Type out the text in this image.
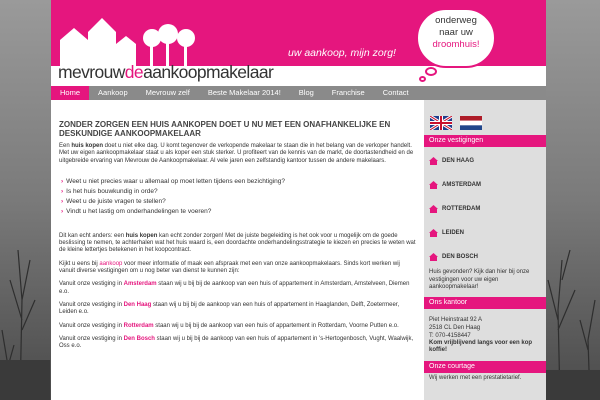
uw aankoop, mijn zorg!
mevrouwdeaankoopmakelaar
onderweg
naar uw
droomhuis!
Home	Aankoop	Mevrouw zelf	Beste Makelaar 2014!	Blog	Franchise	Contact
ZONDER ZORGEN EEN HUIS AANKOPEN DOET U NU MET EEN ONAFHANKELIJKE EN DESKUNDIGE AANKOOPMAKELAAR

Een huis kopen doet u niet elke dag. U komt tegenover de verkopende makelaar te staan die in het belang van de verkoper handelt. Met uw eigen aankoopmakelaar staat u als koper een stuk sterker. U profiteert van de kennis van de markt, de doortastendheid en de uitgebreide ervaring van Mevrouw de Aankoopmakelaar. Al vele jaren een zelfstandig kantoor tussen de andere makelaars.

› Weet u niet precies waar u allemaal op moet letten tijdens een bezichtiging?
› Is het huis bouwkundig in orde?
› Weet u de juiste vragen te stellen?
› Vindt u het lastig om onderhandelingen te voeren?

Dit kan echt anders: een huis kopen kan echt zonder zorgen! Met de juiste begeleiding is het ook voor u mogelijk om de goede beslissing te nemen, te achterhalen wat het huis waard is, een doordachte onderhandelingsstrategie te kiezen en precies te weten wat de kleine lettertjes betekenen in het koopcontract.

Kijkt u eens bij aankoop voor meer informatie of maak een afspraak met een van onze aankoopmakelaars. Sinds kort werken wij vanuit diverse vestigingen om u nog beter van dienst te kunnen zijn:

Vanuit onze vestiging in Amsterdam staan wij u bij bij de aankoop van een huis of appartement in Amsterdam, Amstelveen, Diemen e.o.

Vanuit onze vestiging in Den Haag staan wij u bij bij de aankoop van een huis of appartement in Haaglanden, Delft, Zoetermeer, Leiden e.o.

Vanuit onze vestiging in Rotterdam staan wij u bij bij de aankoop van een huis of appartement in Rotterdam, Voorne Putten e.o.

Vanuit onze vestiging in Den Bosch staan wij u bij bij de aankoop van een huis of appartement in 's-Hertogenbosch, Vught, Waalwijk, Oss e.o.

Onze vestigingen
DEN HAAG
AMSTERDAM
ROTTERDAM
LEIDEN
DEN BOSCH
Huis gevonden? Kijk dan hier bij onze vestigingen voor uw eigen aankoopmakelaar!
Ons kantoor
Piet Heinstraat 92 A
2518 CL Den Haag
T: 070-4158447
Kom vrijblijvend langs voor een kop koffie!
Onze courtage
Wij werken met een prestatietarief.
